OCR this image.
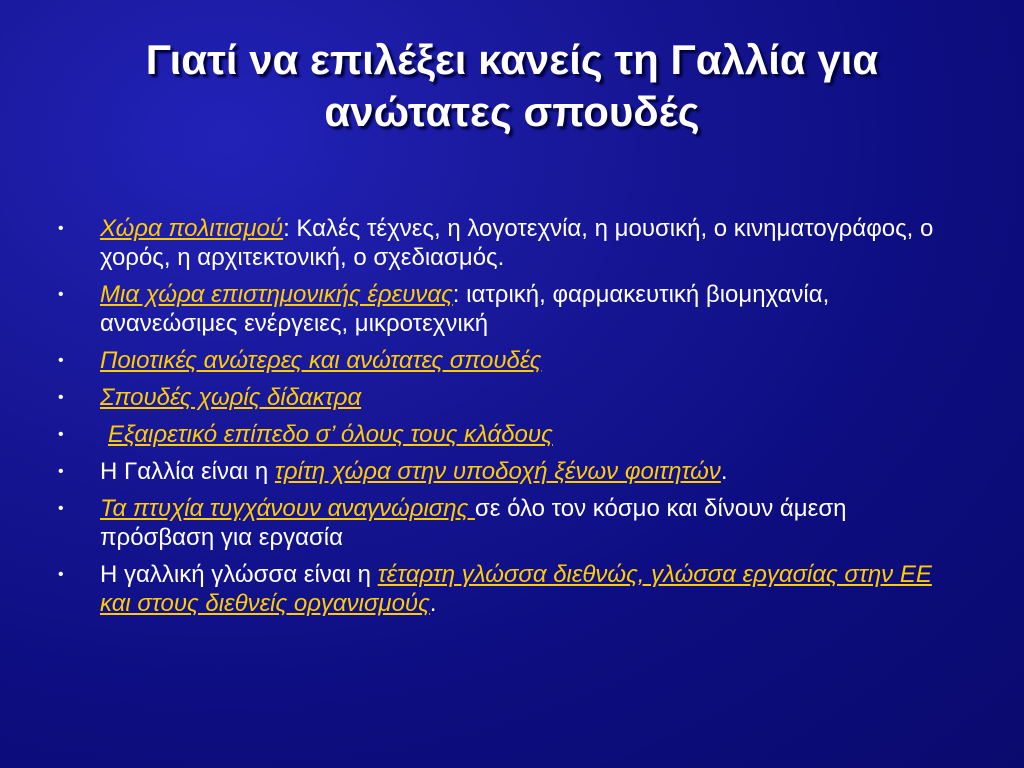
Γιατί να επιλέξει κανείς τη Γαλλία για
ανώτατες σπουδές
• Χώρα πολιτισμού: Καλές τέχνες, η λογοτεχνία, η μουσική, ο κινηματογράφος, ο χορός, η αρχιτεκτονική, ο σχεδιασμός.
• Μια χώρα επιστημονικής έρευνας: ιατρική, φαρμακευτική βιομηχανία, ανανεώσιμες ενέργειες, μικροτεχνική
• Ποιοτικές ανώτερες και ανώτατες σπουδές
• Σπουδές χωρίς δίδακτρα
• Εξαιρετικό επίπεδο σ’ όλους τους κλάδους
• Η Γαλλία είναι η τρίτη χώρα στην υποδοχή ξένων φοιτητών.
• Τα πτυχία τυγχάνουν αναγνώρισης σε όλο τον κόσμο και δίνουν άμεση πρόσβαση για εργασία
• Η γαλλική γλώσσα είναι η τέταρτη γλώσσα διεθνώς, γλώσσα εργασίας στην ΕΕ και στους διεθνείς οργανισμούς.
